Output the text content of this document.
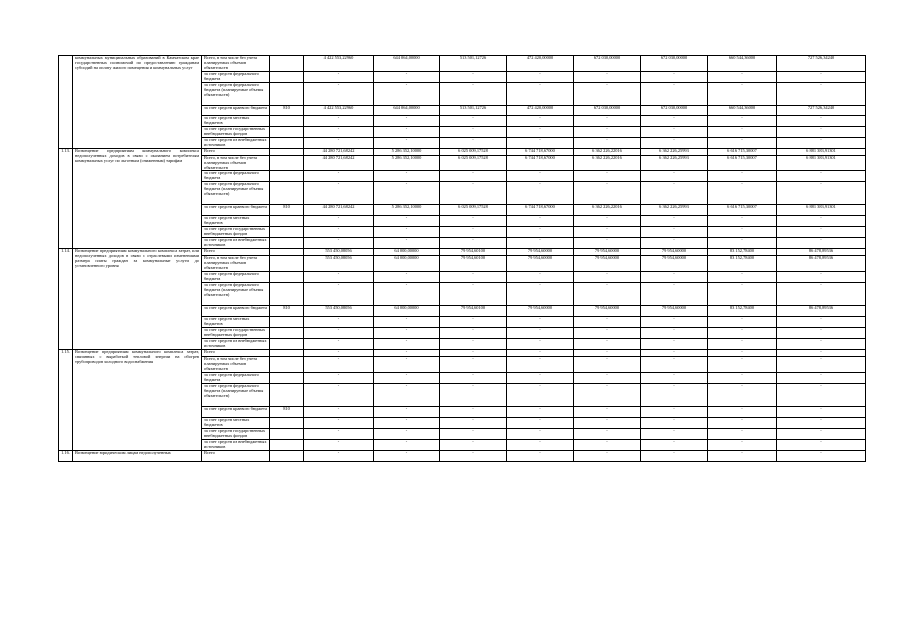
	коммунальных муниципальных образований в Камчатском крае государственных полномочий по предоставлению гражданам субсидий на оплату жилого помещения и коммунальных услуг	Всего, в том числе без учета планируемых объемов обязательств		4 422 553,22960	644 064,00000	513 501,12726	472 420,00000	672 030,00000	672 030,00000	660 544,36000	727 526,34240
		за счет средств федерального бюджета		-	-	-	-	-	-	-	-
		за счет средств федерального бюджета (планируемые объемы обязательств)		-	-	-	-	-	-	-	-
		за счет средств краевого бюджета	810	4 422 553,22960	644 064,00000	513 501,12726	472 420,00000	672 030,00000	672 030,00000	660 544,36000	727 526,34240
		за счет средств местных бюджетов		-	-	-	-	-	-	-	-
		за счет средств государственных внебюджетных фондов		-	-	-	-	-	-	-	-
		за счет средств из внебюджетных источников		-	-	-	-	-	-	-	-
1.13.	Возмещение предприятиям коммунального комплекса недополученных доходов в связи с оказанием потребителям коммунальных услуг по льготным (сниженным) тарифам	Всего		44 280 721,68242	5 286 352,10000	6 025 009,17528	6 744 718,67000	6 362 226,22016	6 362 226,25993	6 616 715,30007	6 881 383,91301
		Всего, в том числе без учета планируемых объемов обязательств		44 280 721,68242	5 286 352,10000	6 025 009,17528	6 744 718,67000	6 362 226,22016	6 362 226,25993	6 616 715,30007	6 881 383,91301
		за счет средств федерального бюджета		-	-	-	-	-	-	-	-
		за счет средств федерального бюджета (планируемые объемы обязательств)		-	-	-	-	-	-	-	-
		за счет средств краевого бюджета	810	44 280 721,68242	5 286 352,10000	6 025 009,17528	6 744 718,67000	6 362 226,22016	6 362 226,25993	6 616 715,30007	6 881 383,91301
		за счет средств местных бюджетов		-	-	-	-	-	-	-	-
		за счет средств государственных внебюджетных фондов		-	-	-	-	-	-	-	-
		за счет средств из внебюджетных источников		-	-	-	-	-	-	-	-
1.14.	Возмещение предприятиям коммунального комплекса затрат, или недополученных доходов в связи с отраслевыми изменениями размера платы граждан за коммунальные услуги до установленного уровня	Всего		553 450,08056	64 000,00000	79 954,60100	79 954,60000	79 954,60000	79 954,60000	83 152,78400	86 478,89536
		Всего, в том числе без учета планируемых объемов обязательств		553 450,08056	64 000,00000	79 954,60100	79 954,60000	79 954,60000	79 954,60000	83 152,78400	86 478,89536
		за счет средств федерального бюджета		-	-	-	-	-	-	-	-
		за счет средств федерального бюджета (планируемые объемы обязательств)		-	-	-	-	-	-	-	-
		за счет средств краевого бюджета	810	553 450,08056	64 000,00000	79 954,60100	79 954,60000	79 954,60000	79 954,60000	83 152,78400	86 478,89536
		за счет средств местных бюджетов		-	-	-	-	-	-	-	-
		за счет средств государственных внебюджетных фондов		-	-	-	-	-	-	-	-
		за счет средств из внебюджетных источников		-	-	-	-	-	-	-	-
1.15.	Возмещение предприятиям коммунального комплекса затрат, связанных с выработкой тепловой энергии на обогрев трубопроводов холодного водоснабжения	Всего		-	-	-	-	-	-	-	-
		Всего, в том числе без учета планируемых объемов обязательств		-	-	-	-	-	-	-	-
		за счет средств федерального бюджета		-	-	-	-	-	-	-	-
		за счет средств федерального бюджета (планируемые объемы обязательств)		-	-	-	-	-	-	-	-
		за счет средств краевого бюджета	810	-	-	-	-	-	-	-	-
		за счет средств местных бюджетов		-	-	-	-	-	-	-	-
		за счет средств государственных внебюджетных фондов		-	-	-	-	-	-	-	-
		за счет средств из внебюджетных источников		-	-	-	-	-	-	-	-
1.16.	Возмещение юридическим лицам недополученных	Всего		-	-	-	-	-	-	-	-
